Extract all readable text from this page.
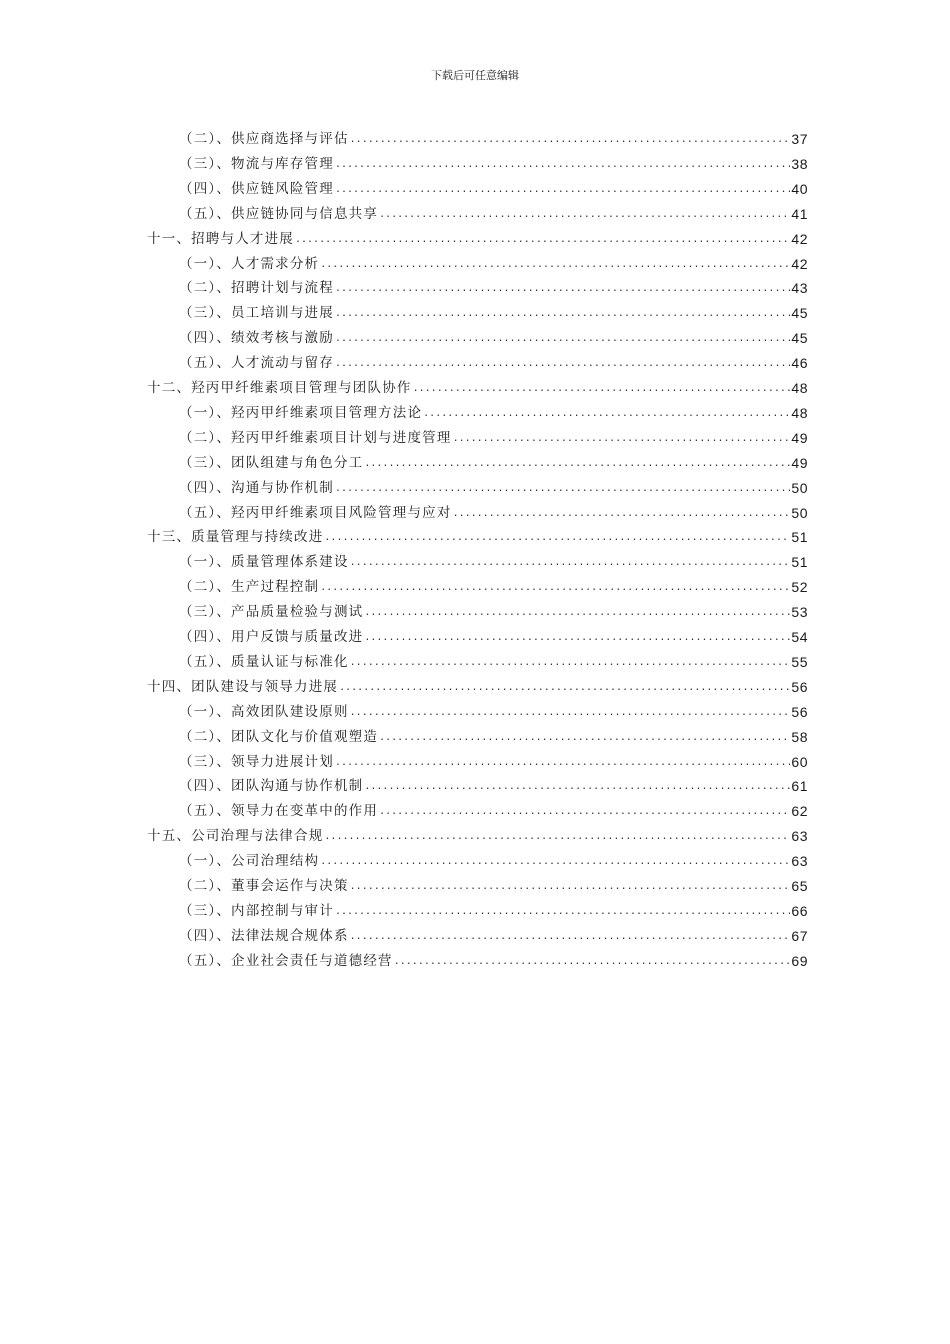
下载后可任意编辑
（二）、供应商选择与评估 .....	37
（三）、物流与库存管理 .....	38
（四）、供应链风险管理 .....	40
（五）、供应链协同与信息共享 .....	41
十一、招聘与人才进展 .....	42
（一）、人才需求分析 .....	42
（二）、招聘计划与流程 .....	43
（三）、员工培训与进展 .....	45
（四）、绩效考核与激励 .....	45
（五）、人才流动与留存 .....	46
十二、羟丙甲纤维素项目管理与团队协作 .....	48
（一）、羟丙甲纤维素项目管理方法论 .....	48
（二）、羟丙甲纤维素项目计划与进度管理 .....	49
（三）、团队组建与角色分工 .....	49
（四）、沟通与协作机制 .....	50
（五）、羟丙甲纤维素项目风险管理与应对 .....	50
十三、质量管理与持续改进 .....	51
（一）、质量管理体系建设 .....	51
（二）、生产过程控制 .....	52
（三）、产品质量检验与测试 .....	53
（四）、用户反馈与质量改进 .....	54
（五）、质量认证与标准化 .....	55
十四、团队建设与领导力进展 .....	56
（一）、高效团队建设原则 .....	56
（二）、团队文化与价值观塑造 .....	58
（三）、领导力进展计划 .....	60
（四）、团队沟通与协作机制 .....	61
（五）、领导力在变革中的作用 .....	62
十五、公司治理与法律合规 .....	63
（一）、公司治理结构 .....	63
（二）、董事会运作与决策 .....	65
（三）、内部控制与审计 .....	66
（四）、法律法规合规体系 .....	67
（五）、企业社会责任与道德经营 .....	69
